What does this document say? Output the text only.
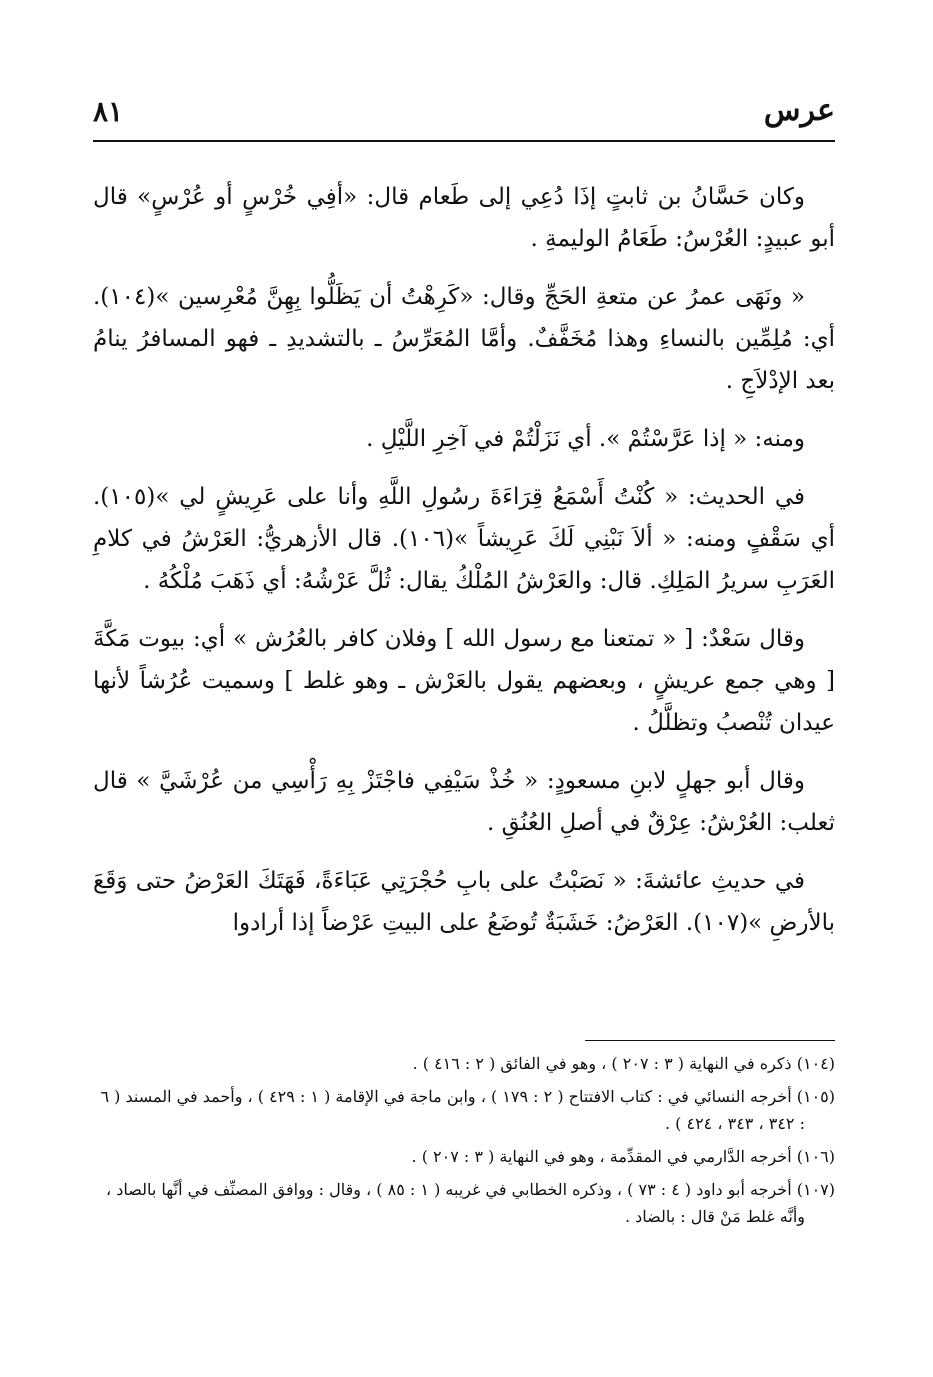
عرس
٨١

وكان حَسَّانُ بن ثابتٍ إذَا دُعِي إلى طَعام قال: «أفِي خُرْسٍ أو عُرْسٍ» قال أبو عبيدٍ: العُرْسُ: طَعَامُ الوليمةِ .

« ونَهَى عمرُ عن متعةِ الحَجِّ وقال: «كَرِهْتُ أن يَظَلُّوا بِهِنَّ مُعْرِسين »(١٠٤). أي: مُلِمِّين بالنساءِ وهذا مُخَفَّفٌ. وأمَّا المُعَرِّسُ ـ بالتشديدِ ـ فهو المسافرُ ينامُ بعد الإدْلاَجِ .

ومنه: « إذا عَرَّسْتُمْ ». أي نَزَلْتُمْ في آخِرِ اللَّيْلِ .

في الحديث: « كُنْتُ أَسْمَعُ قِرَاءَةَ رسُولِ اللَّهِ وأنا على عَرِيشٍ لي »(١٠٥). أي سَقْفٍ ومنه: « ألاَ نَبْنِي لَكَ عَرِيشاً »(١٠٦). قال الأزهريُّ: العَرْشُ في كلامِ العَرَبِ سريرُ المَلِكِ. قال: والعَرْشُ المُلْكُ يقال: ثُلَّ عَرْشُهُ: أي ذَهَبَ مُلْكُهُ .

وقال سَعْدٌ: [ « تمتعنا مع رسول الله ] وفلان كافر بالعُرُش » أي: بيوت مَكَّةَ [ وهي جمع عريشٍ ، وبعضهم يقول بالعَرْش ـ وهو غلط ] وسميت عُرُشاً لأنها عيدان تُنْصبُ وتظلَّلُ .

وقال أبو جهلٍ لابنِ مسعودٍ: « خُذْ سَيْفِي فاجْتَزْ بِهِ رَأْسِي من عُرْشَيَّ » قال ثعلب: العُرْشُ: عِرْقٌ في أصلِ العُنُقِ .

في حديثِ عائشةَ: « نَصَبْتُ على بابِ حُجْرَتِي عَبَاءَةً، فَهَتَكَ العَرْضُ حتى وَقَعَ بالأرضِ »(١٠٧). العَرْضُ: خَشَبَةٌ تُوضَعُ على البيتِ عَرْضاً إذا أرادوا

(١٠٤) ذكره في النهاية ( ٣ : ٢٠٧ ) ، وهو في الفائق ( ٢ : ٤١٦ ) .

(١٠٥) أخرجه النسائي في : كتاب الافتتاح ( ٢ : ١٧٩ ) ، وابن ماجة في الإقامة ( ١ : ٤٢٩ ) ، وأحمد في المسند ( ٦ : ٣٤٢ ، ٣٤٣ ، ٤٢٤ ) .

(١٠٦) أخرجه الدَّارمي في المقدِّمة ، وهو في النهاية ( ٣ : ٢٠٧ ) .

(١٠٧) أخرجه أبو داود ( ٤ : ٧٣ ) ، وذكره الخطابي في غريبه ( ١ : ٨٥ ) ، وقال : ووافق المصنِّف في أنَّها بالصاد ، وأنَّه غلط مَنْ قال : بالضاد .
